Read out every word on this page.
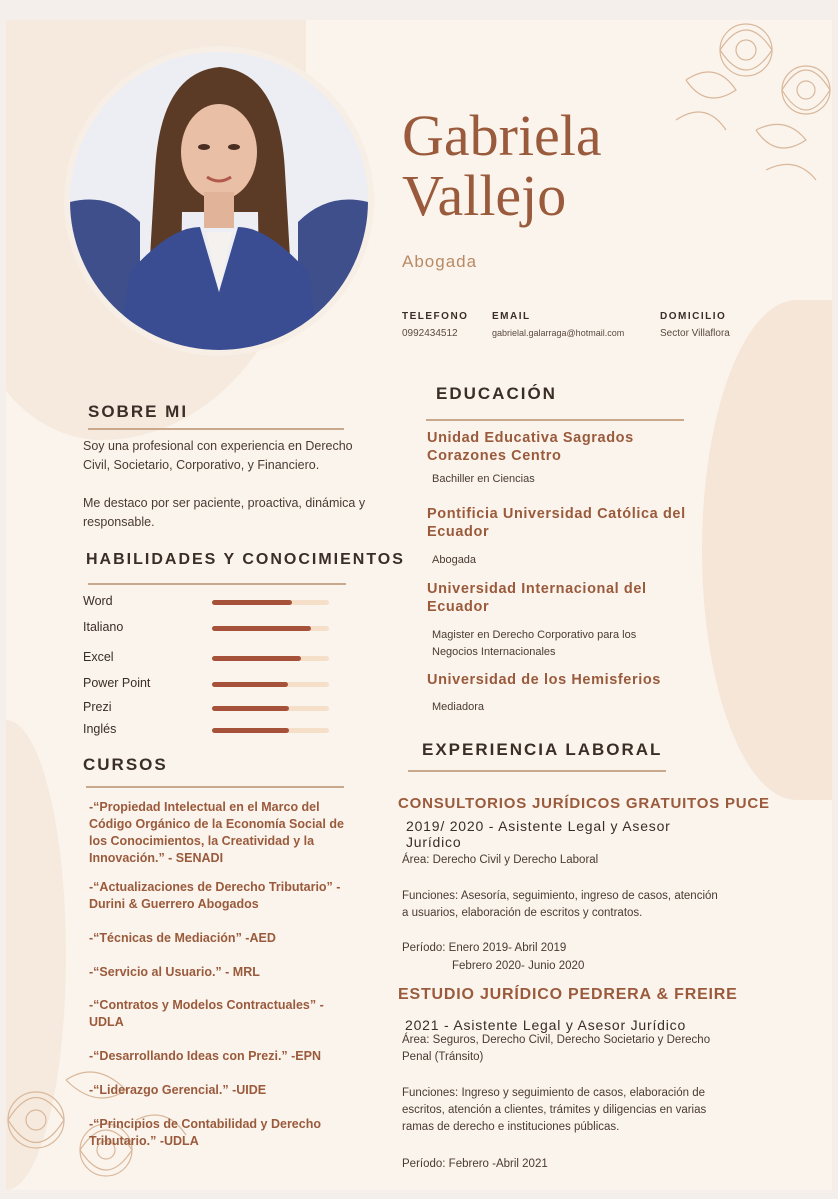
Gabriela
Vallejo
Abogada
TELEFONO
0992434512
EMAIL
gabrielal.galarraga@hotmail.com
DOMICILIO
Sector Villaflora
SOBRE MI

Soy una profesional con experiencia en Derecho Civil, Societario, Corporativo, y Financiero.

Me destaco por ser paciente, proactiva, dinámica y responsable.

HABILIDADES Y CONOCIMIENTOS
Word
Italiano
Excel
Power Point
Prezi
Inglés
CURSOS
-“Propiedad Intelectual en el Marco del Código Orgánico de la Economía Social de los Conocimientos, la Creatividad y la Innovación.” - SENADI
-“Actualizaciones de Derecho Tributario” - Durini & Guerrero Abogados
-“Técnicas de Mediación” -AED
-“Servicio al Usuario.” - MRL
-“Contratos y Modelos Contractuales” - UDLA
-“Desarrollando Ideas con Prezi.” -EPN
-“Liderazgo Gerencial.” -UIDE
-“Principios de Contabilidad y Derecho Tributario.” -UDLA
EDUCACIÓN
Unidad Educativa Sagrados Corazones Centro
Bachiller en Ciencias
Pontificia Universidad Católica del Ecuador
Abogada
Universidad Internacional del Ecuador
Magister en Derecho Corporativo para los Negocios Internacionales
Universidad de los Hemisferios
Mediadora
EXPERIENCIA LABORAL
CONSULTORIOS JURÍDICOS GRATUITOS PUCE
2019/ 2020 - Asistente Legal y Asesor Jurídico
Área: Derecho Civil y Derecho Laboral
Funciones: Asesoría, seguimiento, ingreso de casos, atención a usuarios, elaboración de escritos y contratos.
Período: Enero 2019- Abril 2019
Febrero 2020- Junio 2020
ESTUDIO JURÍDICO PEDRERA & FREIRE
2021 - Asistente Legal y Asesor Jurídico
Área: Seguros, Derecho Civil, Derecho Societario y Derecho Penal (Tránsito)
Funciones: Ingreso y seguimiento de casos, elaboración de escritos, atención a clientes, trámites y diligencias en varias ramas de derecho e instituciones públicas.
Período: Febrero -Abril 2021
